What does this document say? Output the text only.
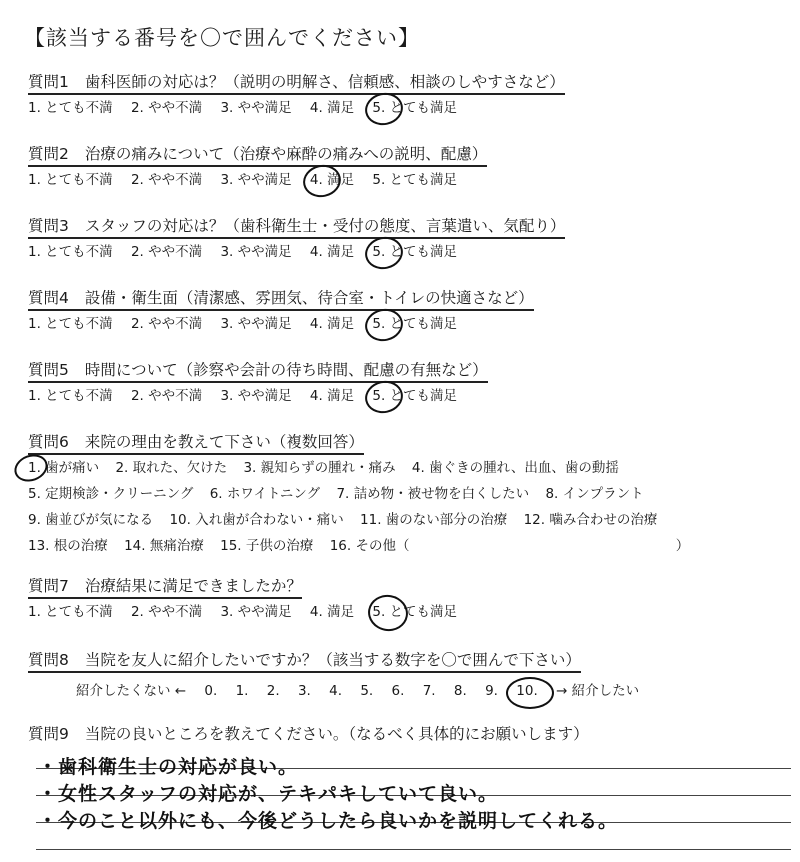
【該当する番号を〇で囲んでください】
質問1 歯科医師の対応は？（説明の明解さ、信頼感、相談のしやすさなど）
1. とても不満 2. やや不満 3. やや満足 4. 満足 5. とても満足
質問2 治療の痛みについて（治療や麻酔の痛みへの説明、配慮）
1. とても不満 2. やや不満 3. やや満足 4. 満足 5. とても満足
質問3 スタッフの対応は？（歯科衛生士・受付の態度、言葉遣い、気配り）
1. とても不満 2. やや不満 3. やや満足 4. 満足 5. とても満足
質問4 設備・衛生面（清潔感、雰囲気、待合室・トイレの快適さなど）
1. とても不満 2. やや不満 3. やや満足 4. 満足 5. とても満足
質問5 時間について（診察や会計の待ち時間、配慮の有無など）
1. とても不満 2. やや不満 3. やや満足 4. 満足 5. とても満足
質問6 来院の理由を教えて下さい（複数回答）
1. 歯が痛い 2. 取れた、欠けた 3. 親知らずの腫れ・痛み 4. 歯ぐきの腫れ、出血、歯の動揺
5. 定期検診・クリーニング 6. ホワイトニング 7. 詰め物・被せ物を白くしたい 8. インプラント
9. 歯並びが気になる 10. 入れ歯が合わない・痛い 11. 歯のない部分の治療 12. 噛み合わせの治療
13. 根の治療 14. 無痛治療 15. 子供の治療 16. その他（	）
質問7 治療結果に満足できましたか？
1. とても不満 2. やや不満 3. やや満足 4. 満足 5. とても満足
質問8 当院を友人に紹介したいですか？（該当する数字を〇で囲んで下さい）
紹介したくない ← 0. 1. 2. 3. 4. 5. 6. 7. 8. 9. 10. → 紹介したい
質問9 当院の良いところを教えてください。（なるべく具体的にお願いします）
・歯科衛生士の対応が良い。
・女性スタッフの対応が、テキパキしていて良い。
・今のこと以外にも、今後どうしたら良いかを説明してくれる。
